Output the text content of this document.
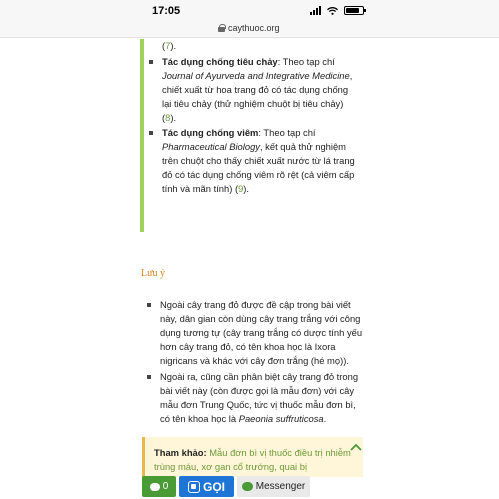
17:05
caythuoc.org
(7).
Tác dụng chống tiêu chảy: Theo tạp chí Journal of Ayurveda and Integrative Medicine, chiết xuất từ hoa trang đỏ có tác dụng chống lại tiêu chảy (thử nghiệm chuột bị tiêu chảy) (8).
Tác dụng chống viêm: Theo tạp chí Pharmaceutical Biology, kết quả thử nghiệm trên chuột cho thấy chiết xuất nước từ lá trang đỏ có tác dụng chống viêm rõ rệt (cả viêm cấp tính và mãn tính) (9).
Lưu ý
Ngoài cây trang đỏ được đề cập trong bài viết này, dân gian còn dùng cây trang trắng với công dụng tương tự (cây trang trắng có dược tính yếu hơn cây trang đỏ, có tên khoa học là Ixora nigricans và khác với cây đơn trắng (hé mọ)).
Ngoài ra, cũng cần phân biệt cây trang đỏ trong bài viết này (còn được gọi là mẫu đơn) với cây mẫu đơn Trung Quốc, tức vị thuốc mẫu đơn bì, có tên khoa học là Paeonia suffruticosa.
Tham khảo: Mẫu đơn bì vị thuốc điều trị nhiễm trùng máu, xơ gan cổ trướng, quai bị
0	GỌI	Messenger
